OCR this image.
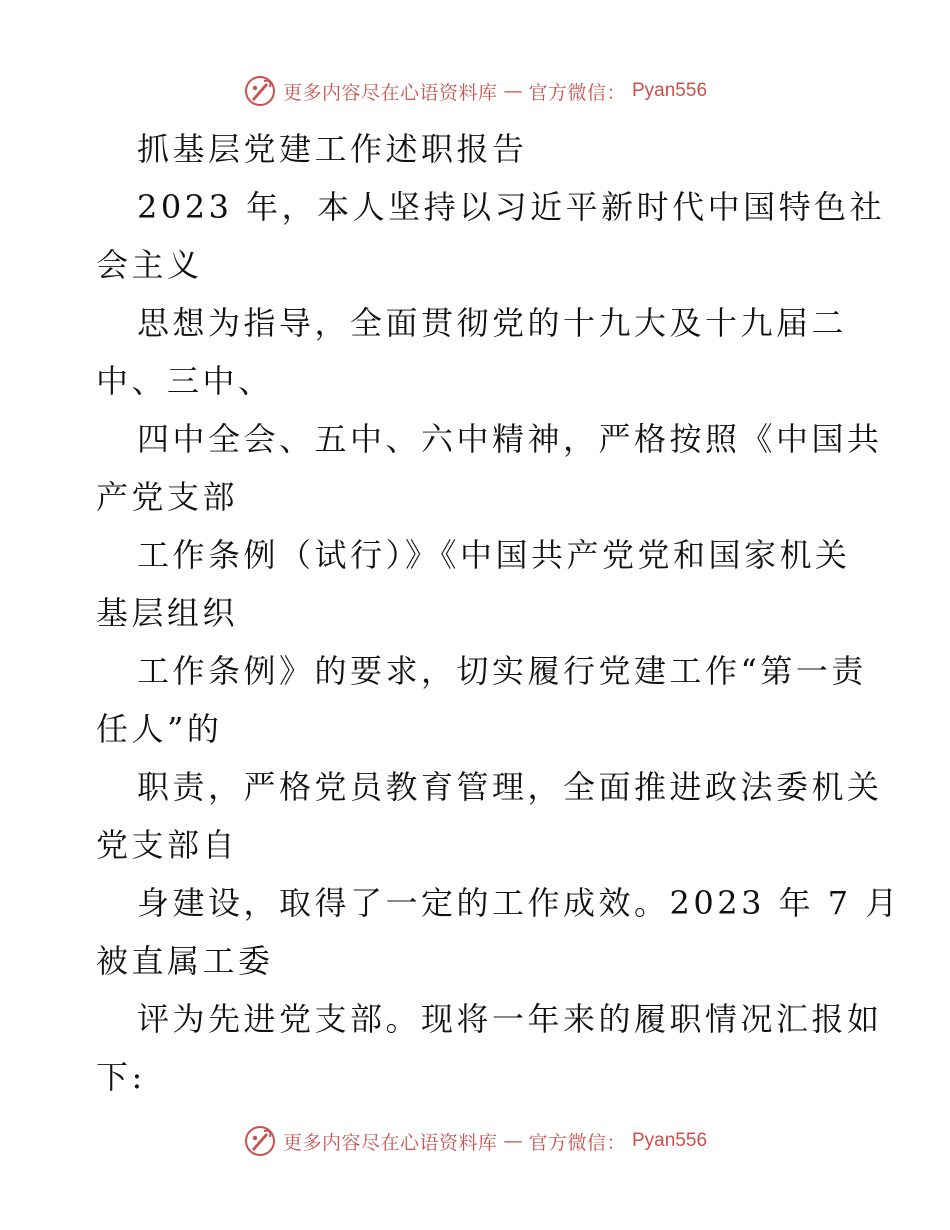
更多内容尽在心语资料库 — 官方微信： Pyan556
抓基层党建工作述职报告
2023 年，本人坚持以习近平新时代中国特色社
会主义
思想为指导，全面贯彻党的十九大及十九届二
中、三中、
四中全会、五中、六中精神，严格按照《中国共
产党支部
工作条例（试行）》《中国共产党党和国家机关
基层组织
工作条例》的要求，切实履行党建工作“第一责
任人”的
职责，严格党员教育管理，全面推进政法委机关
党支部自
身建设，取得了一定的工作成效。2023 年 7 月
被直属工委
评为先进党支部。现将一年来的履职情况汇报如
下:
更多内容尽在心语资料库 — 官方微信： Pyan556
